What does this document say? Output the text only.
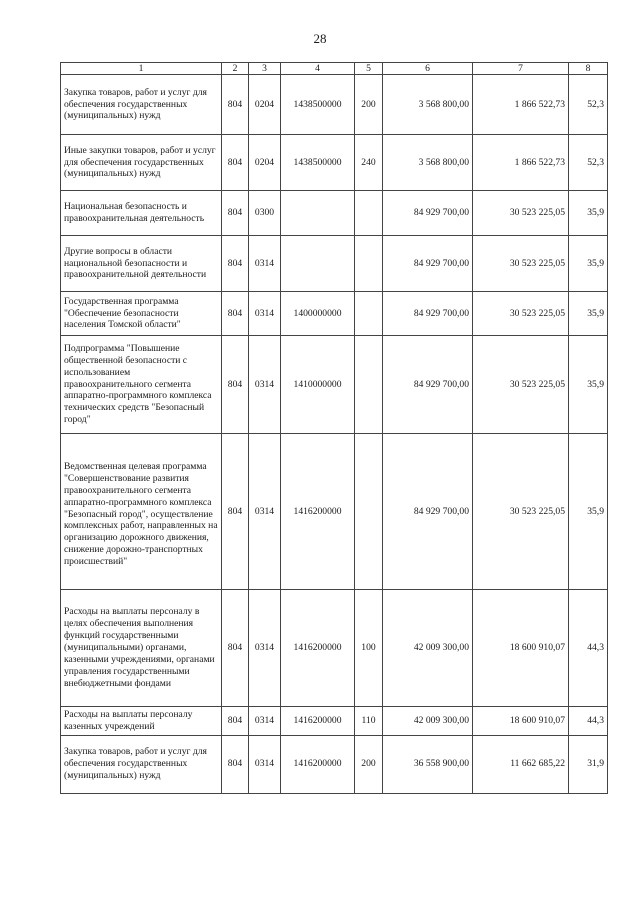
28
1	2	3	4	5	6	7	8
Закупка товаров, работ и услуг для обеспечения государственных (муниципальных) нужд	804	0204	1438500000	200	3 568 800,00	1 866 522,73	52,3
Иные закупки товаров, работ и услуг для обеспечения государственных (муниципальных) нужд	804	0204	1438500000	240	3 568 800,00	1 866 522,73	52,3
Национальная безопасность и правоохранительная деятельность	804	0300			84 929 700,00	30 523 225,05	35,9
Другие вопросы в области национальной безопасности и правоохранительной деятельности	804	0314			84 929 700,00	30 523 225,05	35,9
Государственная программа "Обеспечение безопасности населения Томской области"	804	0314	1400000000		84 929 700,00	30 523 225,05	35,9
Подпрограмма "Повышение общественной безопасности с использованием правоохранительного сегмента аппаратно-программного комплекса технических средств "Безопасный город"	804	0314	1410000000		84 929 700,00	30 523 225,05	35,9
Ведомственная целевая программа "Совершенствование развития правоохранительного сегмента аппаратно-программного комплекса "Безопасный город", осуществление комплексных работ, направленных на организацию дорожного движения, снижение дорожно-транспортных происшествий"	804	0314	1416200000		84 929 700,00	30 523 225,05	35,9
Расходы на выплаты персоналу в целях обеспечения выполнения функций государственными (муниципальными) органами, казенными учреждениями, органами управления государственными внебюджетными фондами	804	0314	1416200000	100	42 009 300,00	18 600 910,07	44,3
Расходы на выплаты персоналу казенных учреждений	804	0314	1416200000	110	42 009 300,00	18 600 910,07	44,3
Закупка товаров, работ и услуг для обеспечения государственных (муниципальных) нужд	804	0314	1416200000	200	36 558 900,00	11 662 685,22	31,9
